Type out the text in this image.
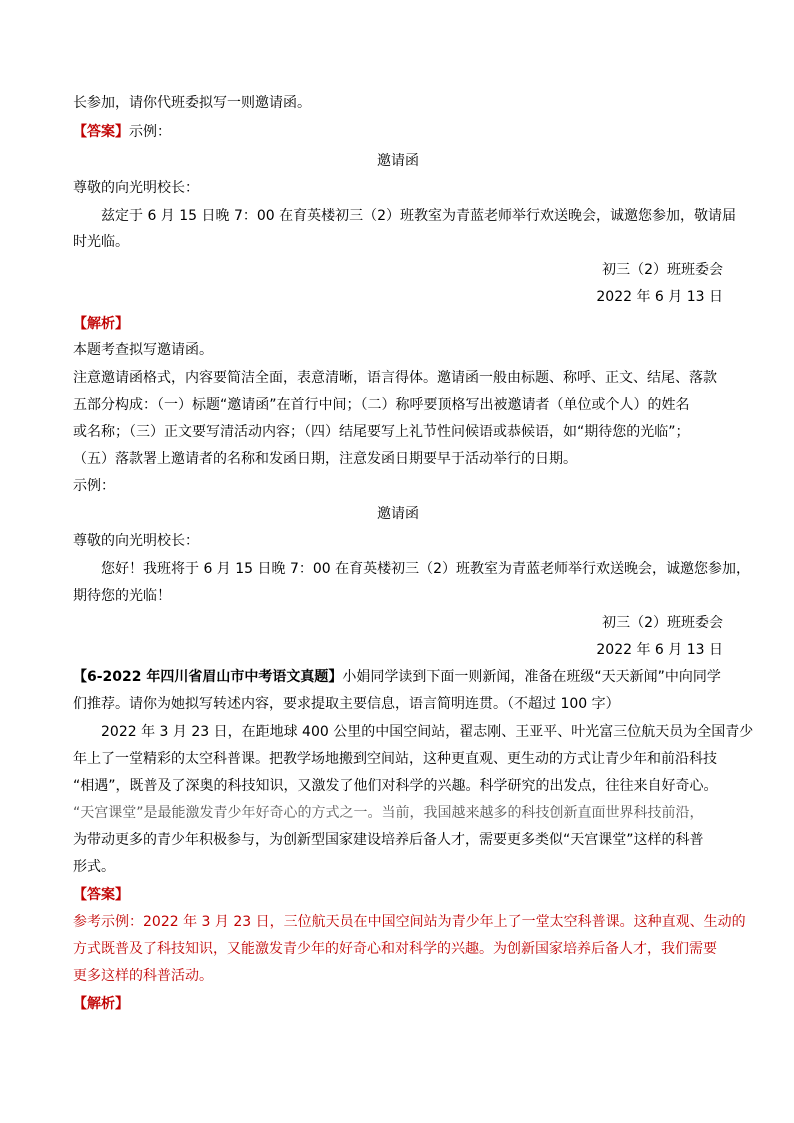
长参加，请你代班委拟写一则邀请函。
【答案】示例：
邀请函
尊敬的向光明校长：
兹定于 6 月 15 日晚 7：00 在育英楼初三（2）班教室为青蓝老师举行欢送晚会，诚邀您参加，敬请届
时光临。
初三（2）班班委会
2022 年 6 月 13 日
【解析】
本题考查拟写邀请函。
注意邀请函格式，内容要简洁全面，表意清晰，语言得体。邀请函一般由标题、称呼、正文、结尾、落款
五部分构成：（一）标题“邀请函”在首行中间；（二）称呼要顶格写出被邀请者（单位或个人）的姓名
或名称；（三）正文要写清活动内容；（四）结尾要写上礼节性问候语或恭候语，如“期待您的光临”；
（五）落款署上邀请者的名称和发函日期，注意发函日期要早于活动举行的日期。
示例：
邀请函
尊敬的向光明校长：
您好！我班将于 6 月 15 日晚 7：00 在育英楼初三（2）班教室为青蓝老师举行欢送晚会，诚邀您参加，
期待您的光临！
初三（2）班班委会
2022 年 6 月 13 日
【6-2022 年四川省眉山市中考语文真题】小娟同学读到下面一则新闻，准备在班级“天天新闻”中向同学
们推荐。请你为她拟写转述内容，要求提取主要信息，语言简明连贯。（不超过 100 字）
2022 年 3 月 23 日，在距地球 400 公里的中国空间站，翟志刚、王亚平、叶光富三位航天员为全国青少
年上了一堂精彩的太空科普课。把教学场地搬到空间站，这种更直观、更生动的方式让青少年和前沿科技
“相遇”，既普及了深奥的科技知识，又激发了他们对科学的兴趣。科学研究的出发点，往往来自好奇心。
“天宫课堂”是最能激发青少年好奇心的方式之一。当前，我国越来越多的科技创新直面世界科技前沿，
为带动更多的青少年积极参与，为创新型国家建设培养后备人才，需要更多类似“天宫课堂”这样的科普
形式。
【答案】
参考示例：2022 年 3 月 23 日，三位航天员在中国空间站为青少年上了一堂太空科普课。这种直观、生动的
方式既普及了科技知识，又能激发青少年的好奇心和对科学的兴趣。为创新国家培养后备人才，我们需要
更多这样的科普活动。
【解析】
